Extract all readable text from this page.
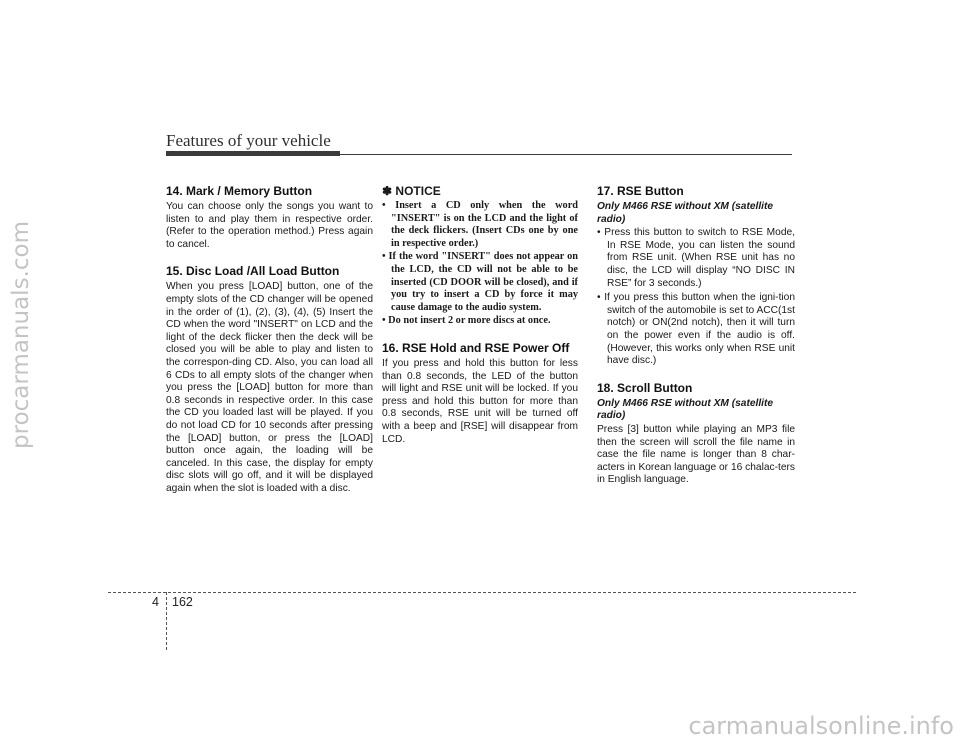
procarmanuals.com
carmanualsonline.info
Features of your vehicle
14. Mark / Memory Button

You can choose only the songs you want to listen to and play them in respective order. (Refer to the operation method.) Press again to cancel.

15. Disc Load /All Load Button

When you press [LOAD] button, one of the empty slots of the CD changer will be opened in the order of (1), (2), (3), (4), (5) Insert the CD when the word "INSERT" on LCD and the light of the deck flicker then the deck will be closed you will be able to play and listen to the correspon-ding CD. Also, you can load all 6 CDs to all empty slots of the changer when you press the [LOAD] button for more than 0.8 seconds in respective order. In this case the CD you loaded last will be played. If you do not load CD for 10 seconds after pressing the [LOAD] button, or press the [LOAD] button once again, the loading will be canceled. In this case, the display for empty disc slots will go off, and it will be displayed again when the slot is loaded with a disc.

✽ NOTICE
• Insert a CD only when the word "INSERT" is on the LCD and the light of the deck flickers. (Insert CDs one by one in respective order.)
• If the word "INSERT" does not appear on the LCD, the CD will not be able to be inserted (CD DOOR will be closed), and if you try to insert a CD by force it may cause damage to the audio system.
• Do not insert 2 or more discs at once.
16. RSE Hold and RSE Power Off

If you press and hold this button for less than 0.8 seconds, the LED of the button will light and RSE unit will be locked. If you press and hold this button for more than 0.8 seconds, RSE unit will be turned off with a beep and [RSE] will disappear from LCD.

17. RSE Button
Only M466 RSE without XM (satellite radio)
• Press this button to switch to RSE Mode, In RSE Mode, you can listen the sound from RSE unit. (When RSE unit has no disc, the LCD will display “NO DISC IN RSE” for 3 seconds.)
• If you press this button when the igni-tion switch of the automobile is set to ACC(1st notch) or ON(2nd notch), then it will turn on the power even if the audio is off. (However, this works only when RSE unit have disc.)
18. Scroll Button
Only M466 RSE without XM (satellite radio)

Press [3] button while playing an MP3 file then the screen will scroll the file name in case the file name is longer than 8 char-acters in Korean language or 16 chalac-ters in English language.

4 162
